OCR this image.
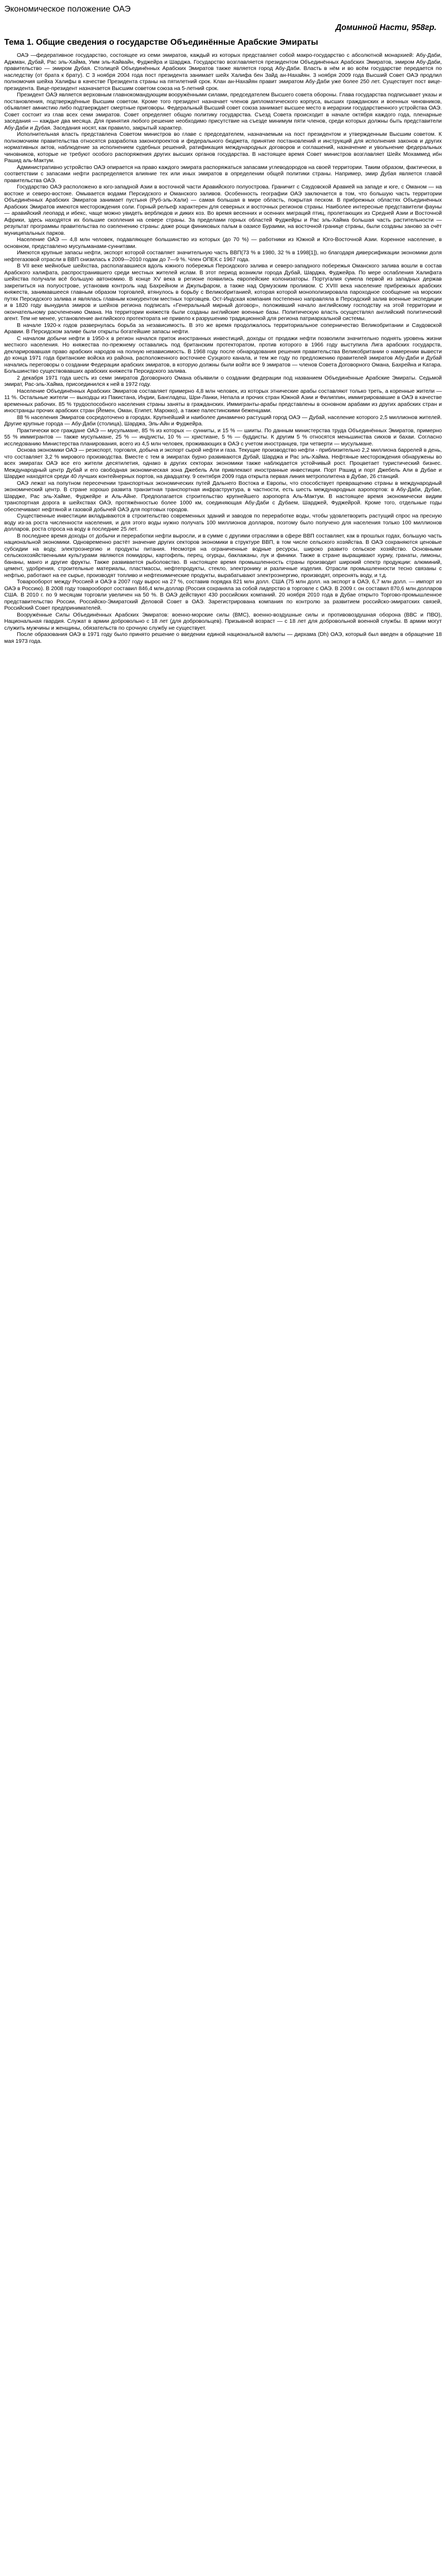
Экономическое положение ОАЭ
Доминной Насти, 958гр.
Тема 1. Общие сведения о государстве Объединённые Арабские Эмираты

ОАЭ —федеративное государство, состоящее из семи эмиратов, каждый из которых представляет собой макро-государство с абсолютной монархией: Абу-Даби, Аджман, Дубай, Рас эль-Хайма, Умм эль-Кайвайн, Фуджейра и Шарджа. Государство возглавляется президентом Объединённых Арабских Эмиратов, эмиром Абу-Даби, правительство — эмиром Дубая. Столицей Объединённых Арабских Эмиратов также является город Абу-Даби. Власть в нём и во всём государстве передается по наследству (от брата к брату). С 3 ноября 2004 года пост президента занимает шейх Халифа бен Зайд ан-Нахайян. 3 ноября 2009 года Высший Совет ОАЭ продлил полномочия шейха Халифы в качестве Президента страны на пятилетний срок. Клан ан-Нахайян правит эмиратом Абу-Даби уже более 250 лет. Существует пост вице-президента. Вице-президент назначается Высшим советом союза на 5-летний срок.

Президент ОАЭ является верховным главнокомандующим вооружёнными силами, председателем Высшего совета обороны. Глава государства подписывает указы и постановления, подтверждённые Высшим советом. Кроме того президент назначает членов дипломатического корпуса, высших гражданских и военных чиновников, объявляет амнистию либо подтверждает смертные приговоры. Федеральный Высший совет союза занимает высшее место в иерархии государственного устройства ОАЭ. Совет состоит из глав всех семи эмиратов. Совет определяет общую политику государства. Съезд Совета происходит в начале октября каждого года, пленарные заседания — каждые два месяца. Для принятия любого решение необходимо присутствие на съезде минимум пяти членов, среди которых должны быть представители Абу-Даби и Дубая. Заседания носят, как правило, закрытый характер.

Исполнительная власть представлена Советом министров во главе с председателем, назначаемым на пост президентом и утвержденным Высшим советом. К полномочиям правительства относятся разработка законопроектов и федерального бюджета, принятие постановлений и инструкций для исполнения законов и других нормативных актов, наблюдение за исполнением судебных решений, ратификация международных договоров и соглашений, назначение и увольнение федеральных чиновников, которые не требуют особого распоряжения других высших органов государства. В настоящее время Совет министров возглавляет Шейх Мохаммед ибн Рашид аль-Мактум.

Административно устройство ОАЭ опирается на право каждого эмирата распоряжаться запасами углеводородов на своей территории. Таким образом, фактически, в соответствии с запасами нефти распределяется влияние тех или иных эмиратов в определении общей политики страны. Например, эмир Дубая является главой правительства ОАЭ.

Государство ОАЭ расположено в юго-западной Азии в восточной части Аравийского полуострова. Граничит с Саудовской Аравией на западе и юге, с Оманом — на востоке и северо-востоке. Омывается водами Персидского и Оманского заливов. Особенность географии ОАЭ заключается в том, что большую часть территории Объединённых Арабских Эмиратов занимает пустыня (Руб-эль-Хали) — самая большая в мире область, покрытая песком. В прибрежных областях Объединённых Арабских Эмиратов имеются месторождения соли. Горный рельеф характерен для северных и восточных регионов страны. Наиболее интересные представители фауны — аравийский леопард и ибекс, чаще можно увидеть верблюдов и диких коз. Во время весенних и осенних миграций птиц, пролетающих из Средней Азии и Восточной Африки, здесь находятся их большие скопления на севере страны. За пределами горных областей Фуджейры и Рас эль-Хайма большая часть растительности — результат программы правительства по озеленению страны: даже рощи финиковых пальм в оазисе Бураими, на восточной границе страны, были созданы заново за счёт муниципальных парков.

Население ОАЭ — 4,8 млн человек, подавляющее большинство из которых (до 70 %) — работники из Южной и Юго-Восточной Азии. Коренное население, в основном, представлено мусульманами-суннитами.

Имеются крупные запасы нефти, экспорт которой составляет значительную часть ВВП(73 % в 1980, 32 % в 1998[1]), но благодаря диверсификации экономики доля нефтегазовой отрасли в ВВП снизилась к 2009—2010 годам до 7—9 %. Член ОПЕК с 1967 года.

В VII веке мейнобые шейхства, располагавшиеся вдоль южного побережья Персидского залива и северо-западного побережья Оманского залива вошли в состав Арабского халифата, распространившего среди местных жителей ислам. В этот период возникли города Дубай, Шарджа, Фуджейра. По мере ослабления Халифата шейхства получали всё большую автономию. В конце XV века в регионе появились европейские колонизаторы. Португалия сумела первой из западных держав закрепиться на полуострове, установив контроль над Бахрейном и Джульфаром, а также над Ормузским проливом. С XVIII века население прибрежных арабских княжеств, занимавшееся главным образом торговлей, втянулось в борьбу с Великобританией, которая которой монополизировала пароходное сообщение на морских путях Персидского залива и являлась главным конкурентом местных торговцев. Ост-Индская компания постепенно направляла в Персидский залив военные экспедиции и в 1820 году вынудила эмиров и шейхов региона подписать «Генеральный мирный договор», положивший начало английскому господству на этой территории и окончательному расчленению Омана. На территории княжеств были созданы английские военные базы. Политическую власть осуществлял английский политический агент. Тем не менее, установление английского протектората не привело к разрушению традиционной для региона патриархальной системы.

В начале 1920-х годов развернулась борьба за независимость. В это же время продолжалось территориальное соперничество Великобритании и Саудовской Аравии. В Персидском заливе были открыты богатейшие запасы нефти.

С началом добычи нефти в 1950-х в регион начался приток иностранных инвестиций, доходы от продажи нефти позволили значительно поднять уровень жизни местного населения. Но княжества по-прежнему оставались под британским протекторатом, против которого в 1966 году выступила Лига арабских государств, декларировавшая право арабских народов на полную независимость. В 1968 году после обнародования решения правительства Великобритании о намерении вывести до конца 1971 года британские войска из района, расположенного восточнее Суэцкого канала, и тем же году по предложению правителей эмиратов Абу-Даби и Дубай начались переговоры о создании Федерации арабских эмиратов, в которую должны были войти все 9 эмиратов — членов Совета Договорного Омана, Бахрейна и Катара. Большинство существовавших арабских княжеств Персидского залива.

2 декабря 1971 года шесть из семи эмиратов Договорного Омана объявили о создании федерации под названием Объединённые Арабские Эмираты. Седьмой эмират, Рас-эль-Хайма, присоединился к ней в 1972 году.

Население Объединённых Арабских Эмиратов составляет примерно 4,8 млн человек, из которых этнические арабы составляют только треть, а коренные жители — 11 %. Остальные жители — выходцы из Пакистана, Индии, Бангладеш, Шри-Ланки, Непала и прочих стран Южной Азии и Филиппин, иммигрировавшие в ОАЭ в качестве временных рабочих. 85 % трудоспособного населения страны заняты в гражданских. Иммигранты-арабы представлены в основном арабами из других арабских стран и иностранцы прочих арабских стран (Йемен, Оман, Египет, Марокко), а также палестинскими беженцами.

88 % населения Эмиратов сосредоточено в городах. Крупнейший и наиболее динамично растущий город ОАЭ — Дубай, население которого 2,5 миллионов жителей. Другие крупные города — Абу-Даби (столица), Шарджа, Эль-Айн и Фуджейра.

Практически все граждане ОАЭ — мусульмане, 85 % из которых — сунниты, и 15 % — шииты. По данным министерства труда Объединённых Эмиратов, примерно 55 % иммигрантов — также мусульмане, 25 % — индуисты, 10 % — христиане, 5 % — буддисты. К другим 5 % относятся меньшинства сикхов и бахаи. Согласно исследованию Министерства планирования, всего из 4,5 млн человек, проживающих в ОАЭ с учетом иностранцев, три четверти — мусульмане.

Основа экономики ОАЭ — реэкспорт, торговля, добыча и экспорт сырой нефти и газа. Текущие производство нефти - приблизительно 2,2 миллиона баррелей в день, что составляет 3,2 % мирового производства. Вместе с тем в эмиратах бурно развиваются Дубай, Шарджа и Рас эль-Хайма. Нефтяные месторождения обнаружены во всех эмиратах ОАЭ все его жители десятилетия, однако в других секторах экономики также наблюдается устойчивый рост. Процветает туристический бизнес. Международный центр Дубай и его свободная экономическая зона Джебель Али привлекают иностранные инвестиции. Порт Рашид и порт Джебель Али в Дубае и Шардже находятся среди 40 лучших контейнерных портов, на двадцатку. 9 сентября 2009 года открыта первая линия метрополитена в Дубае, 26 станций.

ОАЭ лежат на попутном пересечении транспортных экономических путей Дальнего Востока и Европы, что способствует превращению страны в международный экономический центр. В стране хорошо развита транзитная транспортная инфраструктура, в частности, есть шесть международных аэропортов: в Абу-Даби, Дубае, Шардже, Рас эль-Хайме, Фуджейре и Аль-Айне. Предполагается строительство крупнейшего аэропорта Аль-Мактум. В настоящее время экономически видим транспортная дорога в шейхствах ОАЭ, протяжённостью более 1000 км, соединяющая Абу-Даби с Дубаем, Шарджей, Фуджейрой. Кроме того, отдельные годы обеспечивают нефтяной и газовой добычей ОАЭ для портовых городов.

Существенные инвестиции вкладываются в строительство современных зданий и заводов по переработке воды, чтобы удовлетворить растущий спрос на пресную воду из-за роста численности населения, и для этого воды нужно получать 100 миллионов долларов, поэтому было получено для населения только 100 миллионов долларов, роста спроса на воду в последние 25 лет.

В последнее время доходы от добычи и переработки нефти выросли, и в сумме с другими отраслями в сфере ВВП составляет, как в прошлых годах, большую часть национальной экономики. Одновременно растёт значение других секторов экономики в структуре ВВП, в том числе сельского хозяйства. В ОАЭ сохраняются ценовые субсидии на воду, электроэнергию и продукты питания. Несмотря на ограниченные водные ресурсы, широко развито сельское хозяйство. Основными сельскохозяйственными культурами являются помидоры, картофель, перец, огурцы, баклажаны, лук и финики. Также в стране выращивают хурму, гранаты, лимоны, бананы, манго и другие фрукты. Также развивается рыболовство. В настоящее время промышленность страны производит широкий спектр продукции: алюминий, цемент, удобрения, строительные материалы, пластмассы, нефтепродукты, стекло, электронику и различные изделия. Отрасли промышленности тесно связаны с нефтью, работают на ее сырье, производят топливо и нефтехимические продукты, вырабатывают электроэнергию, производят, опреснять воду, и т.д.

Товарооборот между Россией и ОАЭ в 2007 году вырос на 27 %, составив порядка 821 млн долл. США (75 млн долл. на экспорт в ОАЭ, 6,7 млн долл. — импорт из ОАЭ в Россию). В 2008 году товарооборот составил 846,4 млн.доллар (Россия сохраняла за собой лидерство в торговле с ОАЭ. В 2009 г. он составил 870,6 млн.долларов США. В 2010 г. по 9 месяцам торговли увеличен на 50 %. В ОАЭ действуют 430 российских компаний. 20 ноября 2010 года в Дубае открыто Торгово-промышленное представительство России, Российско-Эмиратский Деловой Совет в ОАЭ. Зарегистрирована компания по контролю за развитием российско-эмиратских связей, Российский Совет предпринимателей.

Вооружённые Силы Объединённых Арабских Эмиратов: военно-морские силы (ВМС), военно-воздушные силы и противовоздушная оборона (ВВС и ПВО), Национальная гвардия. Служат в армии добровольно с 18 лет (для добровольцев). Призывной возраст — с 18 лет для добровольной военной службы. В армии могут служить мужчины и женщины, обязательств по срочную службу не существует.

После образования ОАЭ в 1971 году было принято решение о введении единой национальной валюты — дирхама (Dh) ОАЭ, который был введен в обращение 18 мая 1973 года.
